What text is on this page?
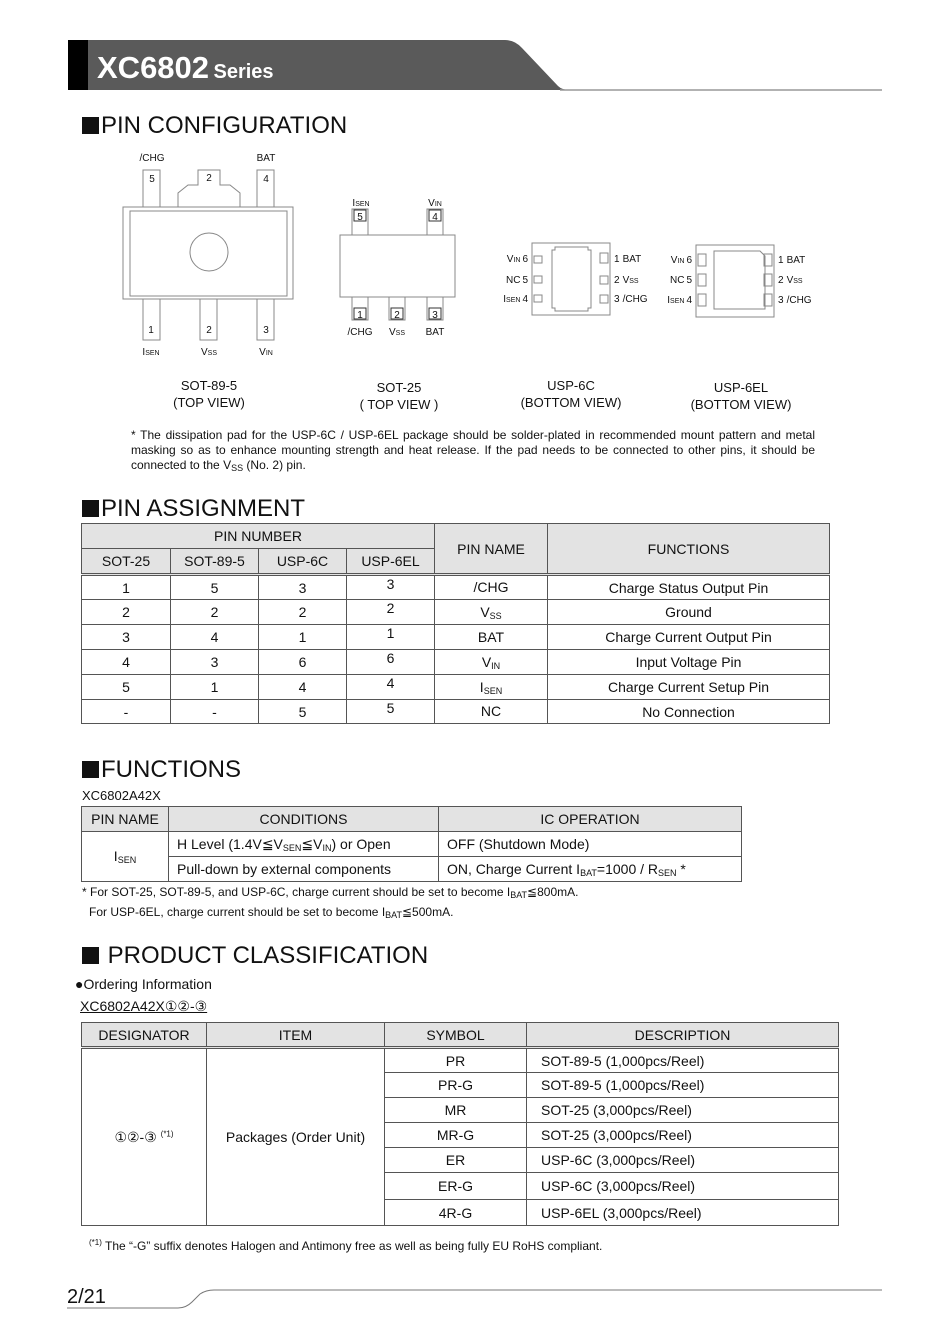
XC6802 Series
PIN CONFIGURATION
/CHG	BAT
5	2	4
1	2	3
ISEN	VSS	VIN
SOT-89-5
(TOP VIEW)
ISEN	VIN
5	4
1	2	3
/CHG VSS BAT
SOT-25
( TOP VIEW )
VIN 6	1 BAT
NC 5	2 VSS
ISEN 4	3 /CHG
VIN 6	1 BAT
NC 5	2 VSS
ISEN 4	3 /CHG
USP-6C
(BOTTOM VIEW)
USP-6EL
(BOTTOM VIEW)
* The dissipation pad for the USP-6C / USP-6EL package should be solder-plated in recommended mount pattern and metal masking so as to enhance mounting strength and heat release. If the pad needs to be connected to other pins, it should be connected to the $V_{SS}$ (No. 2) pin.
PIN ASSIGNMENT
PIN NUMBER				PIN NAME	FUNCTIONS
SOT-25	SOT-89-5	USP-6C	USP-6EL		
1	5	3	3	/CHG	Charge Status Output Pin
2	2	2	2	$V_{SS}$	Ground
3	4	1	1	BAT	Charge Current Output Pin
4	3	6	6	$V_{IN}$	Input Voltage Pin
5	1	4	4	$I_{SEN}$	Charge Current Setup Pin
-	-	5	5	NC	No Connection
FUNCTIONS
XC6802A42X
PIN NAME	CONDITIONS	IC OPERATION
$I_{SEN}$	H Level $(1.4V≦V_{SEN}≦V_{IN})$ or Open	OFF (Shutdown Mode)
	Pull-down by external components	ON, Charge Current $I_{BAT}=1000 / R_{SEN}$ *
* For SOT-25, SOT-89-5, and USP-6C, charge current should be set to become $I_{BAT}≦800mA$.
For USP-6EL, charge current should be set to become $I_{BAT}≦500mA$.
PRODUCT CLASSIFICATION
●Ordering Information
XC6802A42X①②-③
DESIGNATOR	ITEM	SYMBOL	DESCRIPTION
①②-③ $^{(*1)}$	Packages (Order Unit)	PR	SOT-89-5 (1,000pcs/Reel)
		PR-G	SOT-89-5 (1,000pcs/Reel)
		MR	SOT-25 (3,000pcs/Reel)
		MR-G	SOT-25 (3,000pcs/Reel)
		ER	USP-6C (3,000pcs/Reel)
		ER-G	USP-6C (3,000pcs/Reel)
		4R-G	USP-6EL (3,000pcs/Reel)
$^{(*1)}$ The “-G” suffix denotes Halogen and Antimony free as well as being fully EU RoHS compliant.
2/21
